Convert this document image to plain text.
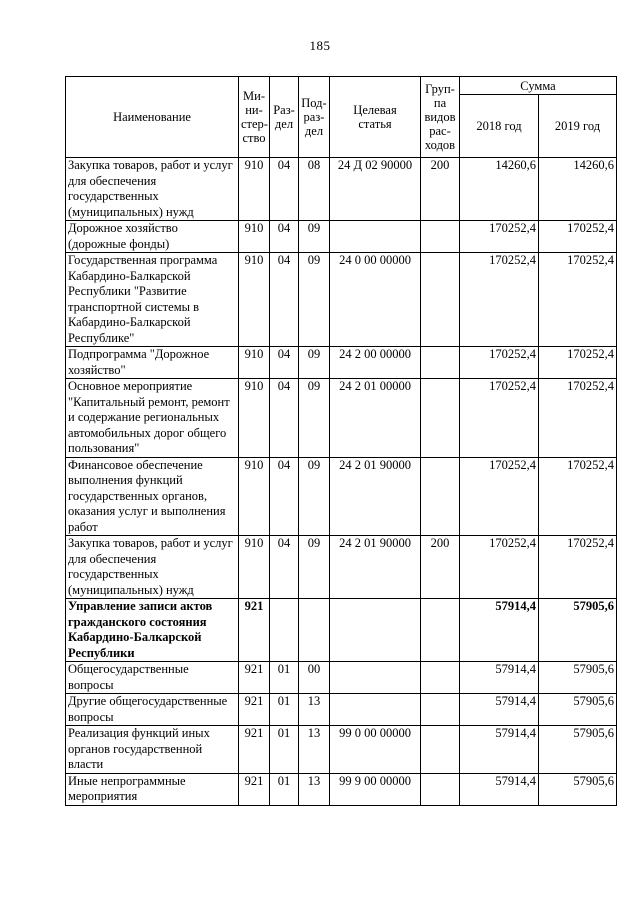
185
Наименование	Ми-
ни-
стер-
ство	Раз-
дел	Под-
раз-
дел	Целевая
статья	Груп-
па
видов
рас-
ходов	Сумма	
						2018 год	2019 год
Закупка товаров, работ и услуг для обеспечения государственных (муниципальных) нужд	910	04	08	24 Д 02 90000	200	14260,6	14260,6
Дорожное хозяйство (дорожные фонды)	910	04	09			170252,4	170252,4
Государственная программа Кабардино-Балкарской Республики "Развитие транспортной системы в Кабардино-Балкарской Республике"	910	04	09	24 0 00 00000		170252,4	170252,4
Подпрограмма "Дорожное хозяйство"	910	04	09	24 2 00 00000		170252,4	170252,4
Основное мероприятие "Капитальный ремонт, ремонт и содержание региональных автомобильных дорог общего пользования"	910	04	09	24 2 01 00000		170252,4	170252,4
Финансовое обеспечение выполнения функций государственных органов, оказания услуг и выполнения работ	910	04	09	24 2 01 90000		170252,4	170252,4
Закупка товаров, работ и услуг для обеспечения государственных (муниципальных) нужд	910	04	09	24 2 01 90000	200	170252,4	170252,4
Управление записи актов гражданского состояния Кабардино-Балкарской Республики	921					57914,4	57905,6
Общегосударственные вопросы	921	01	00			57914,4	57905,6
Другие общегосударственные вопросы	921	01	13			57914,4	57905,6
Реализация функций иных органов государственной власти	921	01	13	99 0 00 00000		57914,4	57905,6
Иные непрограммные мероприятия	921	01	13	99 9 00 00000		57914,4	57905,6
